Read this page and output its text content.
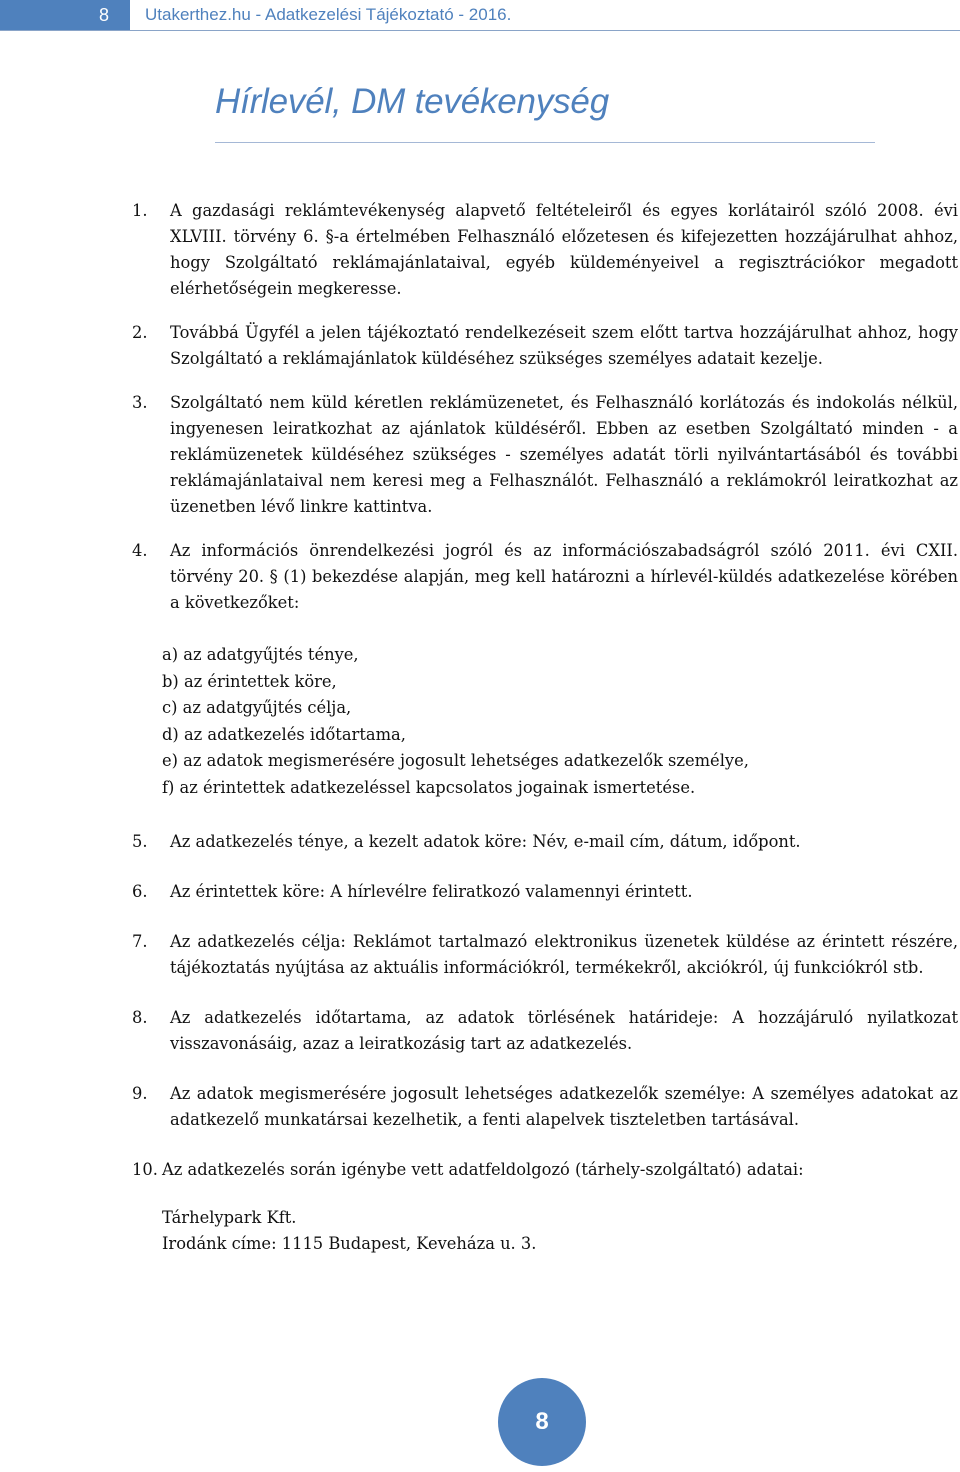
8	Utakerthez.hu - Adatkezelési Tájékoztató - 2016.
Hírlevél, DM tevékenység
1. A gazdasági reklámtevékenység alapvető feltételeiről és egyes korlátairól szóló 2008. évi XLVIII. törvény 6. §-a értelmében Felhasználó előzetesen és kifejezetten hozzájárulhat ahhoz, hogy Szolgáltató reklámajánlataival, egyéb küldeményeivel a regisztrációkor megadott elérhetőségein megkeresse.
2. Továbbá Ügyfél a jelen tájékoztató rendelkezéseit szem előtt tartva hozzájárulhat ahhoz, hogy Szolgáltató a reklámajánlatok küldéséhez szükséges személyes adatait kezelje.
3. Szolgáltató nem küld kéretlen reklámüzenetet, és Felhasználó korlátozás és indokolás nélkül, ingyenesen leiratkozhat az ajánlatok küldéséről. Ebben az esetben Szolgáltató minden - a reklámüzenetek küldéséhez szükséges - személyes adatát törli nyilvántartásából és további reklámajánlataival nem keresi meg a Felhasználót. Felhasználó a reklámokról leiratkozhat az üzenetben lévő linkre kattintva.
4. Az információs önrendelkezési jogról és az információszabadságról szóló 2011. évi CXII. törvény 20. § (1) bekezdése alapján, meg kell határozni a hírlevél-küldés adatkezelése körében a következőket:
a) az adatgyűjtés ténye,
b) az érintettek köre,
c) az adatgyűjtés célja,
d) az adatkezelés időtartama,
e) az adatok megismerésére jogosult lehetséges adatkezelők személye,
f) az érintettek adatkezeléssel kapcsolatos jogainak ismertetése.
5. Az adatkezelés ténye, a kezelt adatok köre: Név, e-mail cím, dátum, időpont.
6. Az érintettek köre: A hírlevélre feliratkozó valamennyi érintett.
7. Az adatkezelés célja: Reklámot tartalmazó elektronikus üzenetek küldése az érintett részére, tájékoztatás nyújtása az aktuális információkról, termékekről, akciókról, új funkciókról stb.
8. Az adatkezelés időtartama, az adatok törlésének határideje: A hozzájáruló nyilatkozat visszavonásáig, azaz a leiratkozásig tart az adatkezelés.
9. Az adatok megismerésére jogosult lehetséges adatkezelők személye: A személyes adatokat az adatkezelő munkatársai kezelhetik, a fenti alapelvek tiszteletben tartásával.
10. Az adatkezelés során igénybe vett adatfeldolgozó (tárhely-szolgáltató) adatai:
Tárhelypark Kft.
Irodánk címe: 1115 Budapest, Keveháza u. 3.
8
